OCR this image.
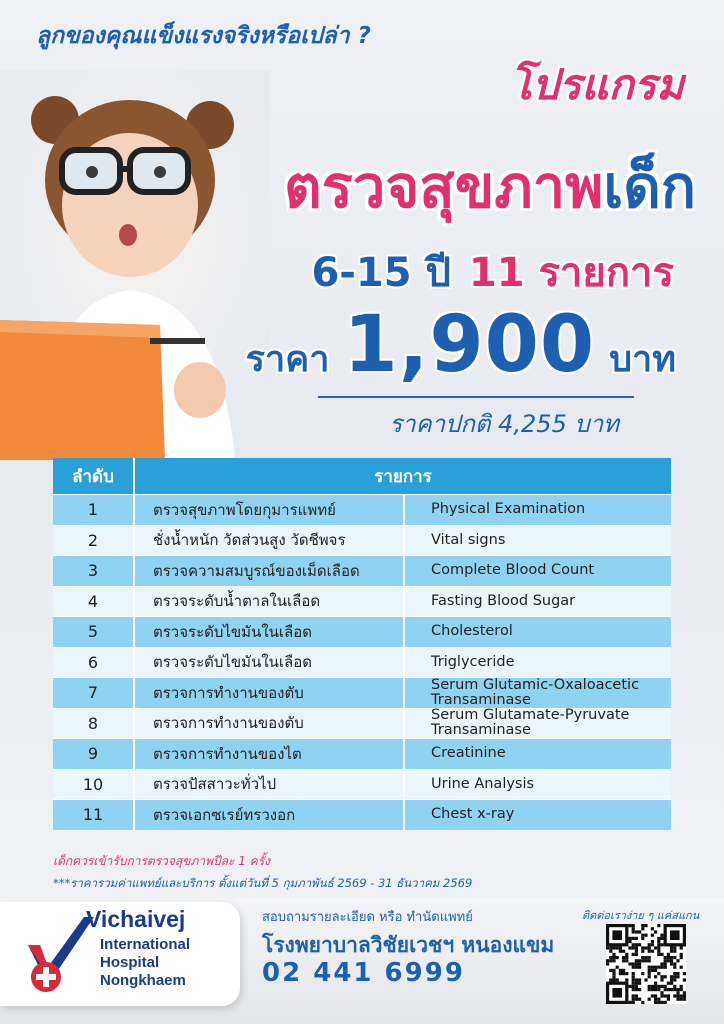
ลูกของคุณแข็งแรงจริงหรือเปล่า ?
โปรแกรม
ตรวจสุขภาพเด็ก
6-15 ปี 11 รายการ
ราคา 1,900 บาท
ราคาปกติ 4,255 บาท
ลำดับ	รายการ
1	ตรวจสุขภาพโดยกุมารแพทย์	Physical Examination
2	ชั่งน้ำหนัก วัดส่วนสูง วัดชีพจร	Vital signs
3	ตรวจความสมบูรณ์ของเม็ดเลือด	Complete Blood Count
4	ตรวจระดับน้ำตาลในเลือด	Fasting Blood Sugar
5	ตรวจระดับไขมันในเลือด	Cholesterol
6	ตรวจระดับไขมันในเลือด	Triglyceride
7	ตรวจการทำงานของตับ	Serum Glutamic-Oxaloacetic Transaminase
8	ตรวจการทำงานของตับ	Serum Glutamate-Pyruvate Transaminase
9	ตรวจการทำงานของไต	Creatinine
10	ตรวจปัสสาวะทั่วไป	Urine Analysis
11	ตรวจเอกซเรย์ทรวงอก	Chest x-ray
เด็กควรเข้ารับการตรวจสุขภาพปีละ 1 ครั้ง
***ราคารวมค่าแพทย์และบริการ ตั้งแต่วันที่ 5 กุมภาพันธ์ 2569 - 31 ธันวาคม 2569
Vichaivej
International
Hospital
Nongkhaem
สอบถามรายละเอียด หรือ ทำนัดแพทย์
โรงพยาบาลวิชัยเวชฯ หนองแขม
02 441 6999
ติดต่อเราง่าย ๆ แค่สแกน
